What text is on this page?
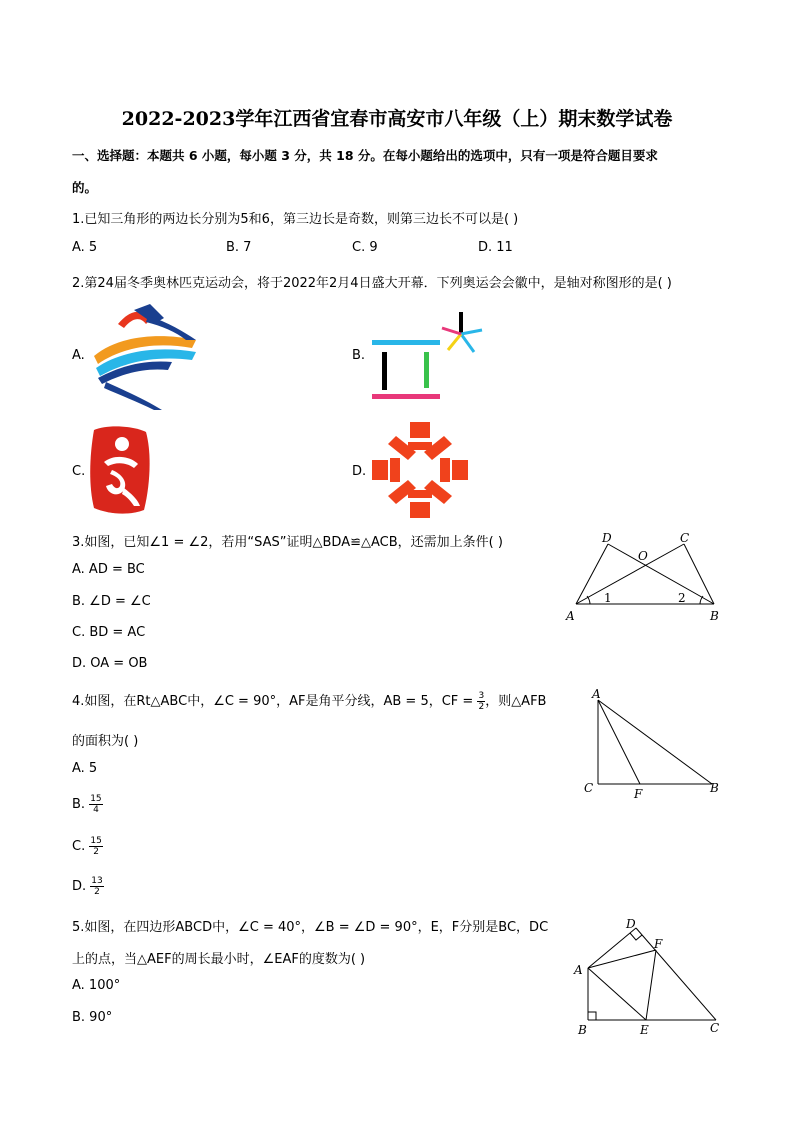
2022-2023学年江西省宜春市高安市八年级（上）期末数学试卷
一、选择题：本题共 6 小题，每小题 3 分，共 18 分。在每小题给出的选项中，只有一项是符合题目要求
的。
1.已知三角形的两边长分别为5和6，第三边长是奇数，则第三边长不可以是( )
A. 5	B. 7	C. 9	D. 11
2.第24届冬季奥林匹克运动会，将于2022年2月4日盛大开幕．下列奥运会会徽中，是轴对称图形的是( )
A.	B.
C.	D.
3.如图，已知∠1 = ∠2，若用“SAS”证明△BDA≌△ACB，还需加上条件( )
A. AD = BC
B. ∠D = ∠C
C. BD = AC
D. OA = OB
D
O
C
A	B
1	2
4.如图，在Rt△ABC中，∠C = 90°，AF是角平分线，AB = 5，CF = $\frac{3}{2}$ ，则△AFB
的面积为( )
A. 5
B. $\frac{15}{4}$
C. $\frac{15}{2}$
D. $\frac{13}{2}$
A
C	F	B
5.如图，在四边形ABCD中，∠C = 40°，∠B = ∠D = 90°，E，F分别是BC，DC
上的点，当△AEF的周长最小时，∠EAF的度数为( )
A. 100°
B. 90°
D
F
A
B	E	C
